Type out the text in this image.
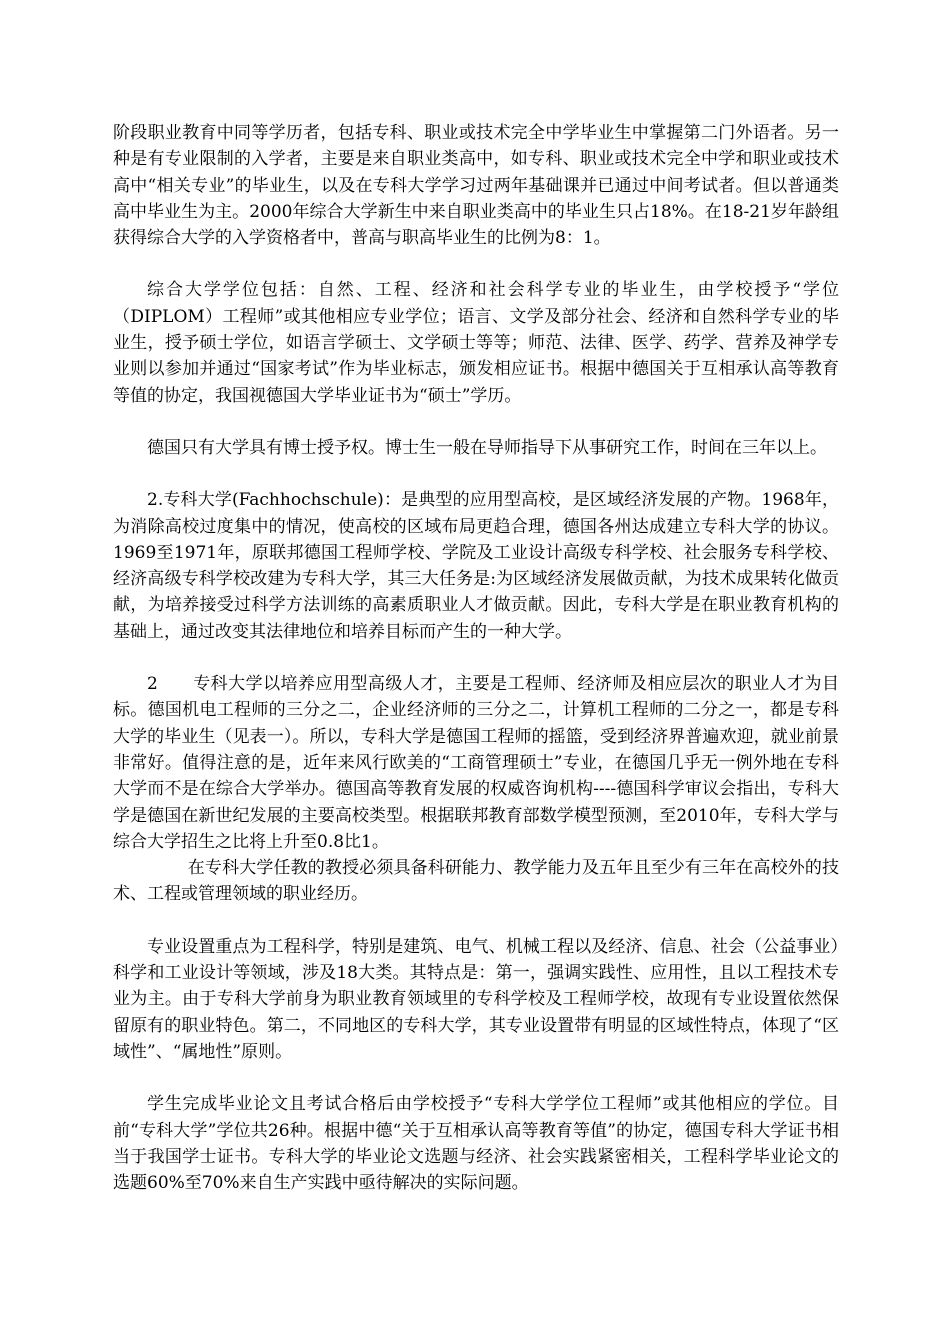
阶段职业教育中同等学历者，包括专科、职业或技术完全中学毕业生中掌握第二门外语者。另一种是有专业限制的入学者，主要是来自职业类高中，如专科、职业或技术完全中学和职业或技术高中“相关专业”的毕业生，以及在专科大学学习过两年基础课并已通过中间考试者。但以普通类高中毕业生为主。2000年综合大学新生中来自职业类高中的毕业生只占18%。在18-21岁年龄组获得综合大学的入学资格者中，普高与职高毕业生的比例为8：1。

综合大学学位包括：自然、工程、经济和社会科学专业的毕业生，由学校授予“学位（DIPLOM）工程师”或其他相应专业学位；语言、文学及部分社会、经济和自然科学专业的毕业生，授予硕士学位，如语言学硕士、文学硕士等等；师范、法律、医学、药学、营养及神学专业则以参加并通过“国家考试”作为毕业标志，颁发相应证书。根据中德国关于互相承认高等教育等值的协定，我国视德国大学毕业证书为“硕士”学历。

德国只有大学具有博士授予权。博士生一般在导师指导下从事研究工作，时间在三年以上。

2.专科大学(Fachhochschule)：是典型的应用型高校，是区域经济发展的产物。1968年，为消除高校过度集中的情况，使高校的区域布局更趋合理，德国各州达成建立专科大学的协议。1969至1971年，原联邦德国工程师学校、学院及工业设计高级专科学校、社会服务专科学校、经济高级专科学校改建为专科大学，其三大任务是:为区域经济发展做贡献，为技术成果转化做贡献，为培养接受过科学方法训练的高素质职业人才做贡献。因此，专科大学是在职业教育机构的基础上，通过改变其法律地位和培养目标而产生的一种大学。

2　　专科大学以培养应用型高级人才，主要是工程师、经济师及相应层次的职业人才为目标。德国机电工程师的三分之二，企业经济师的三分之二，计算机工程师的二分之一，都是专科大学的毕业生（见表一）。所以，专科大学是德国工程师的摇篮，受到经济界普遍欢迎，就业前景非常好。值得注意的是，近年来风行欧美的“工商管理硕士”专业，在德国几乎无一例外地在专科大学而不是在综合大学举办。德国高等教育发展的权威咨询机构----德国科学审议会指出，专科大学是德国在新世纪发展的主要高校类型。根据联邦教育部数学模型预测，至2010年，专科大学与综合大学招生之比将上升至0.8比1。

在专科大学任教的教授必须具备科研能力、教学能力及五年且至少有三年在高校外的技术、工程或管理领域的职业经历。

专业设置重点为工程科学，特别是建筑、电气、机械工程以及经济、信息、社会（公益事业）科学和工业设计等领域，涉及18大类。其特点是：第一，强调实践性、应用性，且以工程技术专业为主。由于专科大学前身为职业教育领域里的专科学校及工程师学校，故现有专业设置依然保留原有的职业特色。第二，不同地区的专科大学，其专业设置带有明显的区域性特点，体现了“区域性”、“属地性”原则。

学生完成毕业论文且考试合格后由学校授予“专科大学学位工程师”或其他相应的学位。目前“专科大学”学位共26种。根据中德“关于互相承认高等教育等值”的协定，德国专科大学证书相当于我国学士证书。专科大学的毕业论文选题与经济、社会实践紧密相关，工程科学毕业论文的选题60%至70%来自生产实践中亟待解决的实际问题。
